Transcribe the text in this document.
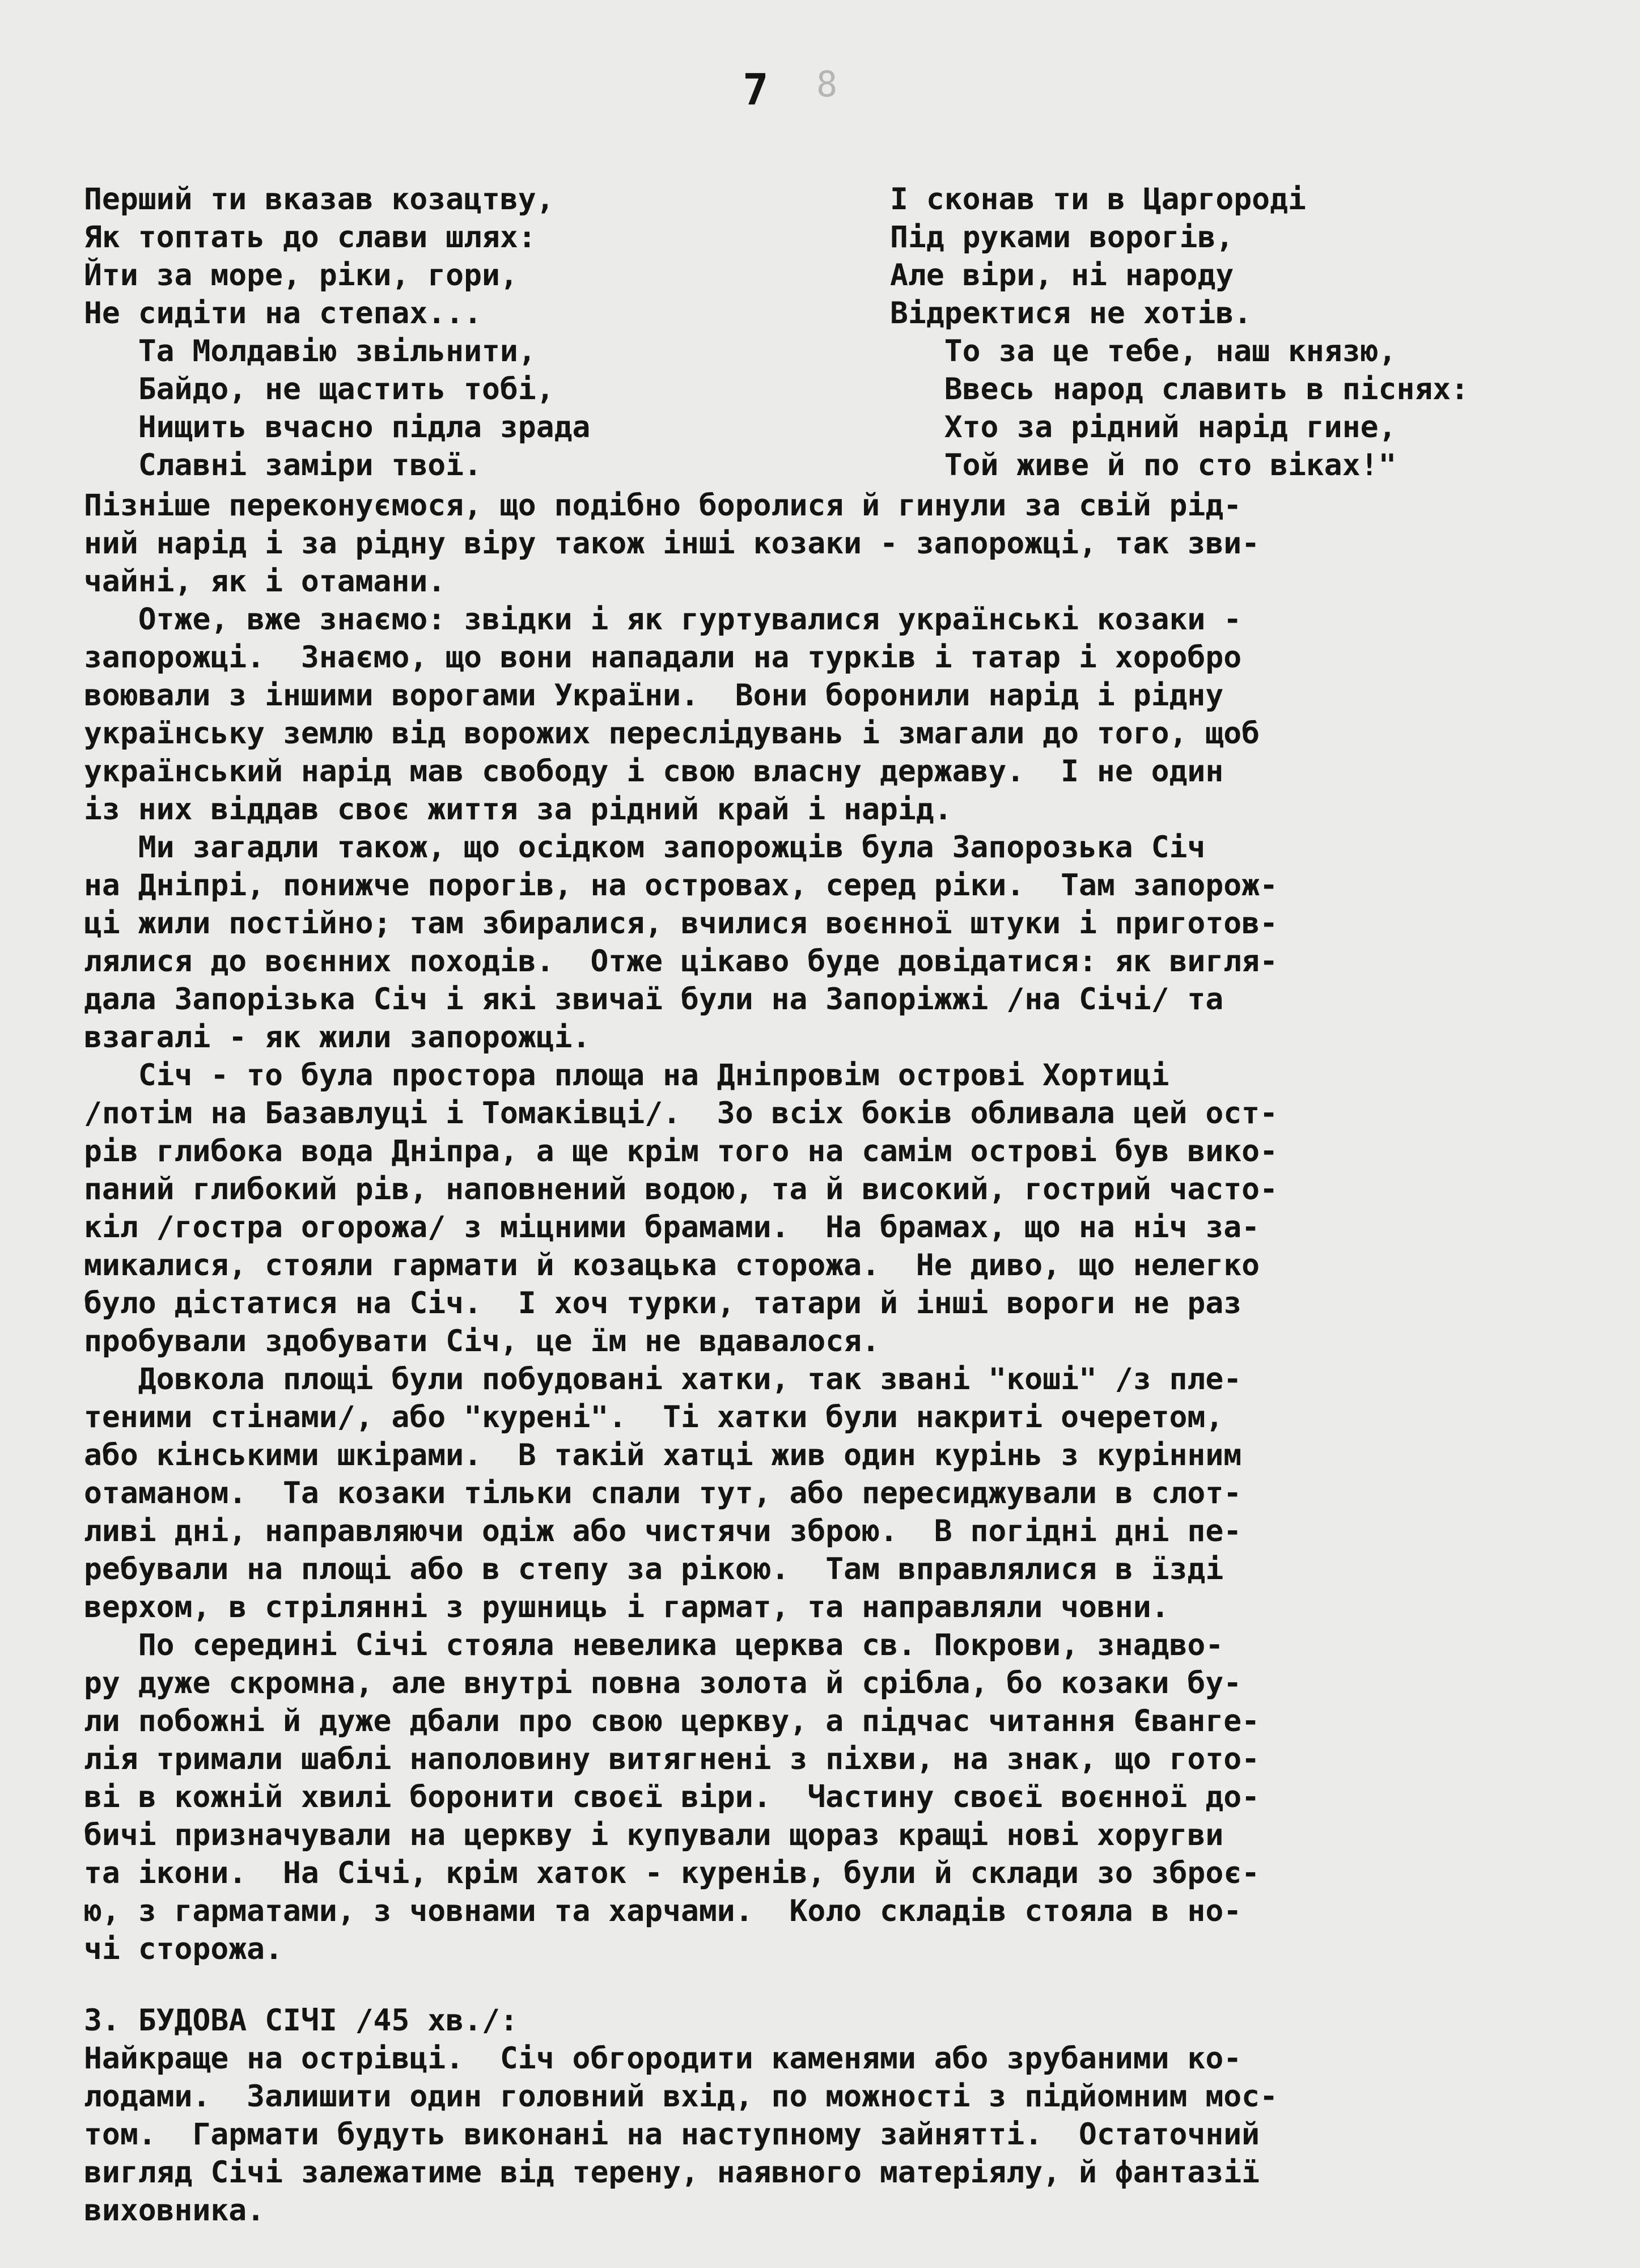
7 8
Перший ти вказав козацтву,
Як топтать до слави шлях:
Йти за море, ріки, гори,
Не сидіти на степах...
Та Молдавію звільнити,
Байдо, не щастить тобі,
Нищить вчасно підла зрада
Славні заміри твої.
І сконав ти в Царгороді
Під руками ворогів,
Але віри, ні народу
Відректися не хотів.
То за це тебе, наш князю,
Ввесь народ славить в піснях:
Хто за рідний нарід гине,
Той живе й по сто віках!"
Пізніше переконуємося, що подібно боролися й гинули за свій рід-
ний нарід і за рідну віру також інші козаки - запорожці, так зви-
чайні, як і отамани.
Отже, вже знаємо: звідки і як гуртувалися українські козаки -
запорожці.  Знаємо, що вони нападали на турків і татар і хоробро
воювали з іншими ворогами України.  Вони боронили нарід і рідну
українську землю від ворожих переслідувань і змагали до того, щоб
український нарід мав свободу і свою власну державу.  І не один
із них віддав своє життя за рідний край і нарід.
Ми загадли також, що осідком запорожців була Запорозька Січ
на Дніпрі, понижче порогів, на островах, серед ріки.  Там запорож-
ці жили постійно; там збиралися, вчилися воєнної штуки і приготов-
лялися до воєнних походів.  Отже цікаво буде довідатися: як вигля-
дала Запорізька Січ і які звичаї були на Запоріжжі /на Січі/ та
взагалі - як жили запорожці.
Січ - то була простора площа на Дніпровім острові Хортиці
/потім на Базавлуці і Томаківці/.  Зо всіх боків обливала цей ост-
рів глибока вода Дніпра, а ще крім того на самім острові був вико-
паний глибокий рів, наповнений водою, та й високий, гострий часто-
кіл /гостра огорожа/ з міцними брамами.  На брамах, що на ніч за-
микалися, стояли гармати й козацька сторожа.  Не диво, що нелегко
було дістатися на Січ.  І хоч турки, татари й інші вороги не раз
пробували здобувати Січ, це їм не вдавалося.
Довкола площі були побудовані хатки, так звані "коші" /з пле-
теними стінами/, або "курені".  Ті хатки були накриті очеретом,
або кінськими шкірами.  В такій хатці жив один курінь з курінним
отаманом.  Та козаки тільки спали тут, або пересиджували в слот-
ливі дні, направляючи одіж або чистячи зброю.  В погідні дні пе-
ребували на площі або в степу за рікою.  Там вправлялися в їзді
верхом, в стрілянні з рушниць і гармат, та направляли човни.
По середині Січі стояла невелика церква св. Покрови, знадво-
ру дуже скромна, але внутрі повна золота й срібла, бо козаки бу-
ли побожні й дуже дбали про свою церкву, а підчас читання Єванге-
лія тримали шаблі наполовину витягнені з піхви, на знак, що гото-
ві в кожній хвилі боронити своєї віри.  Частину своєї воєнної до-
бичі призначували на церкву і купували щораз кращі нові хоругви
та ікони.  На Січі, крім хаток - куренів, були й склади зо зброє-
ю, з гарматами, з човнами та харчами.  Коло складів стояла в но-
чі сторожа.
3. БУДОВА СІЧІ /45 хв./:
Найкраще на острівці.  Січ обгородити каменями або зрубаними ко-
лодами.  Залишити один головний вхід, по можності з підйомним мос-
том.  Гармати будуть виконані на наступному зайнятті.  Остаточний
вигляд Січі залежатиме від терену, наявного матеріялу, й фантазії
виховника.
